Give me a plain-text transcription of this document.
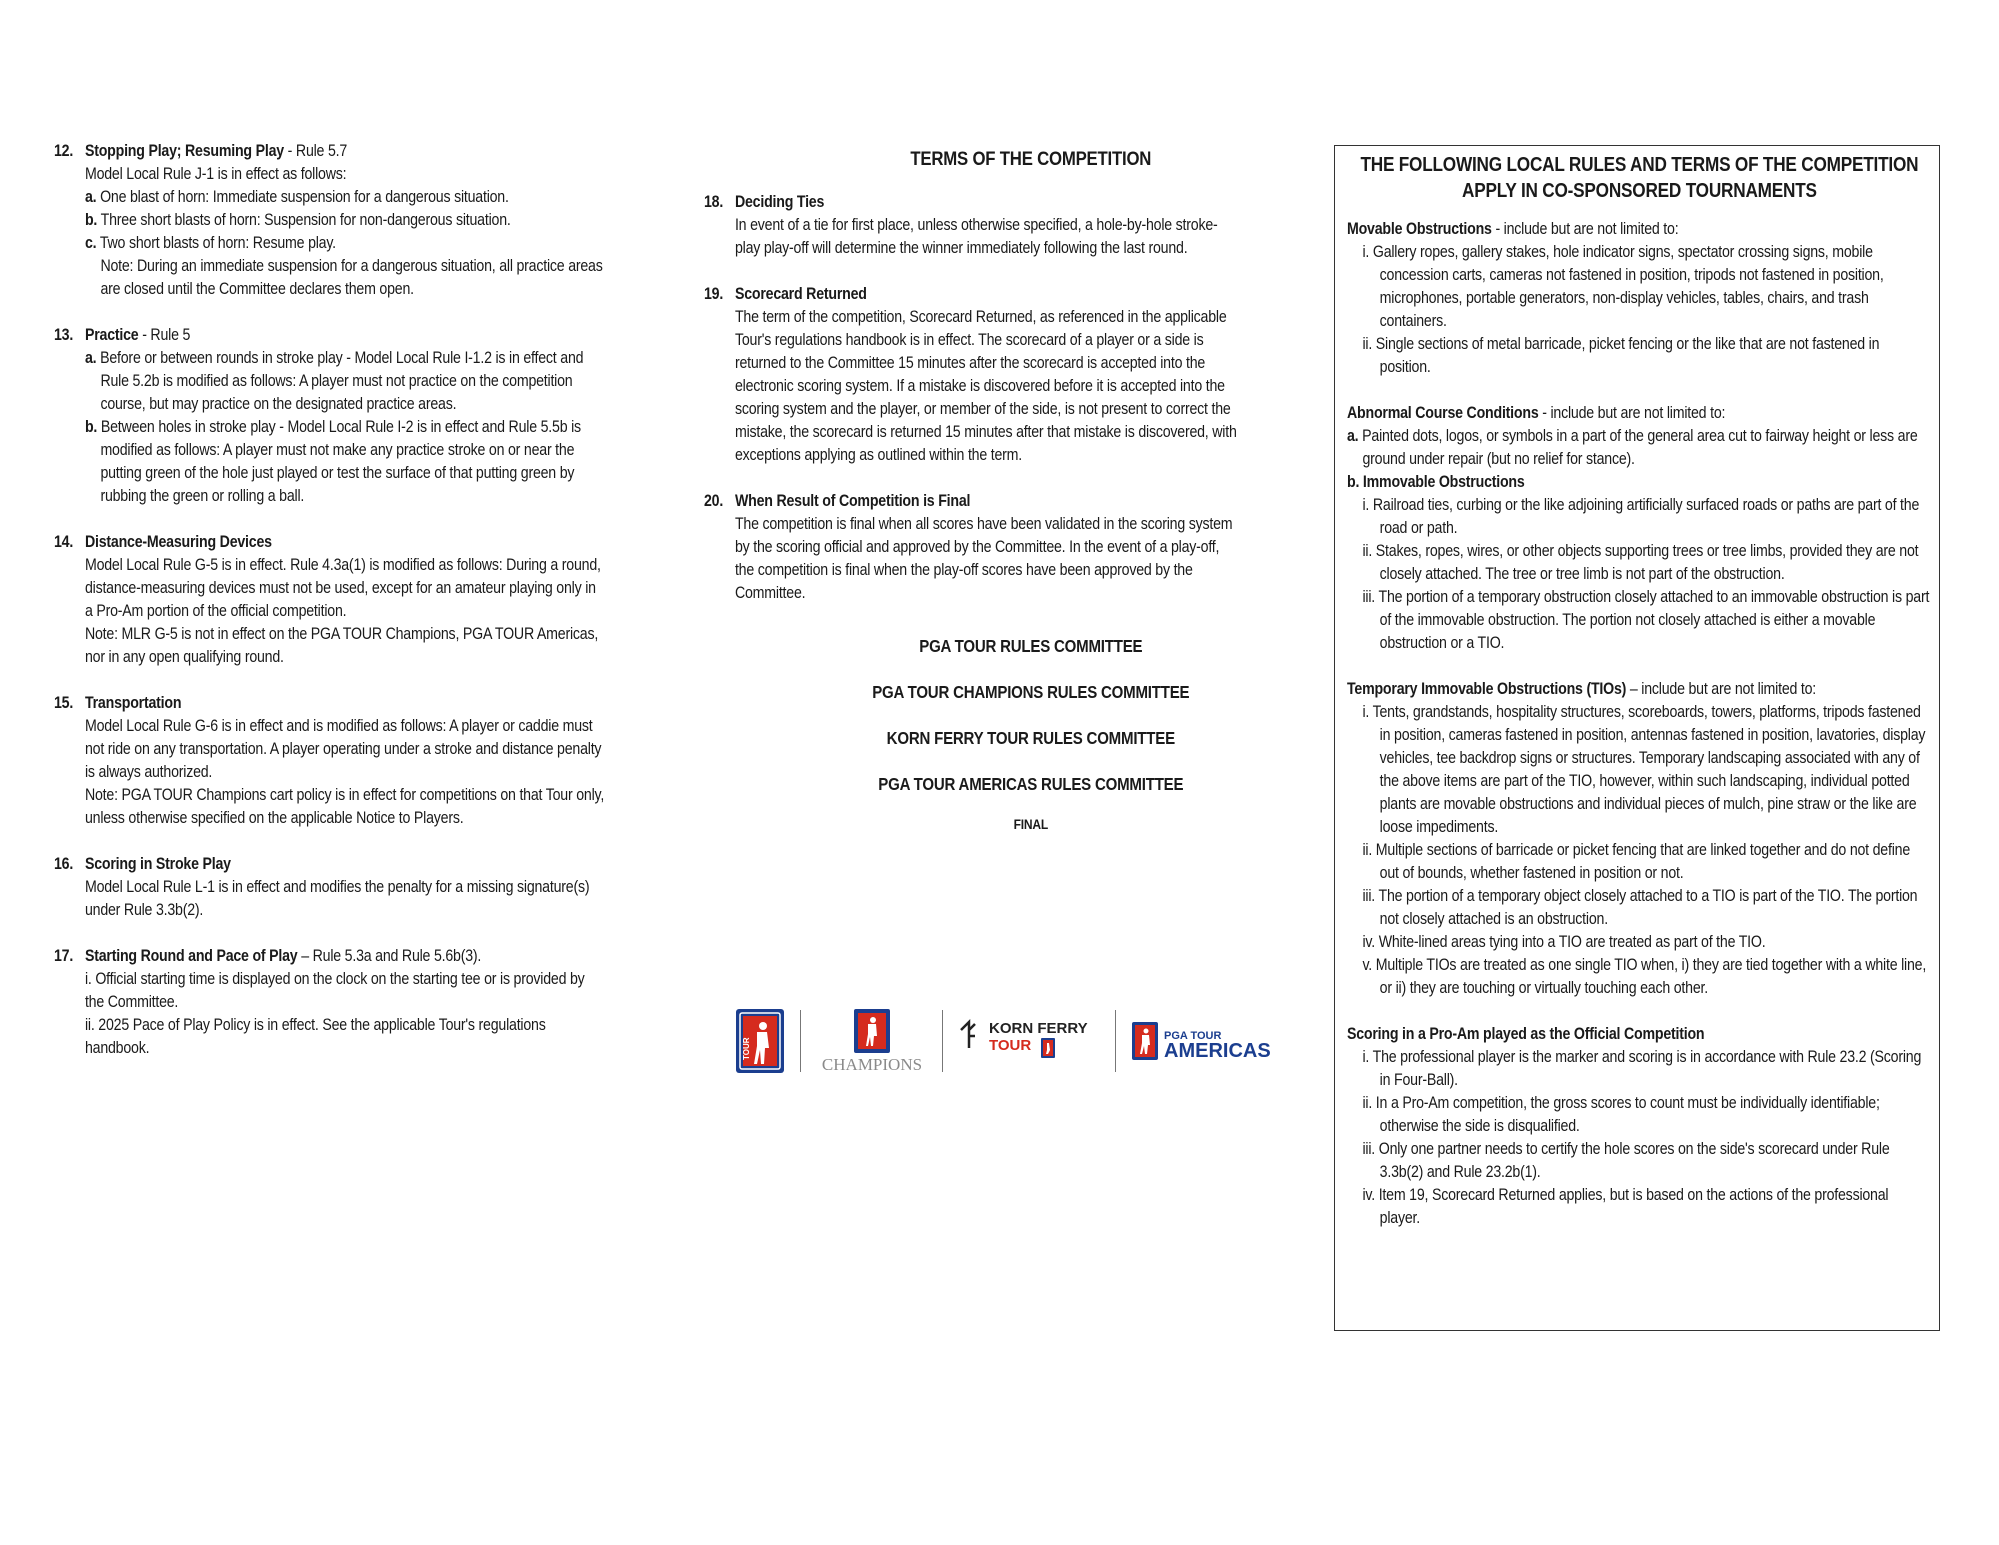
12. Stopping Play; Resuming Play - Rule 5.7
Model Local Rule J-1 is in effect as follows:
a. One blast of horn: Immediate suspension for a dangerous situation.
b. Three short blasts of horn: Suspension for non-dangerous situation.
c. Two short blasts of horn: Resume play.
Note: During an immediate suspension for a dangerous situation, all practice areas are closed until the Committee declares them open.
13. Practice - Rule 5
a. Before or between rounds in stroke play - Model Local Rule I-1.2 is in effect and Rule 5.2b is modified as follows: A player must not practice on the competition course, but may practice on the designated practice areas.
b. Between holes in stroke play - Model Local Rule I-2 is in effect and Rule 5.5b is modified as follows: A player must not make any practice stroke on or near the putting green of the hole just played or test the surface of that putting green by rubbing the green or rolling a ball.
14. Distance-Measuring Devices
Model Local Rule G-5 is in effect. Rule 4.3a(1) is modified as follows: During a round, distance-measuring devices must not be used, except for an amateur playing only in a Pro-Am portion of the official competition.
Note: MLR G-5 is not in effect on the PGA TOUR Champions, PGA TOUR Americas, nor in any open qualifying round.
15. Transportation
Model Local Rule G-6 is in effect and is modified as follows: A player or caddie must not ride on any transportation. A player operating under a stroke and distance penalty is always authorized.
Note: PGA TOUR Champions cart policy is in effect for competitions on that Tour only, unless otherwise specified on the applicable Notice to Players.
16. Scoring in Stroke Play
Model Local Rule L-1 is in effect and modifies the penalty for a missing signature(s) under Rule 3.3b(2).
17. Starting Round and Pace of Play – Rule 5.3a and Rule 5.6b(3).
i. Official starting time is displayed on the clock on the starting tee or is provided by the Committee.
ii. 2025 Pace of Play Policy is in effect. See the applicable Tour's regulations handbook.
TERMS OF THE COMPETITION
18. Deciding Ties
In event of a tie for first place, unless otherwise specified, a hole-by-hole stroke-play play-off will determine the winner immediately following the last round.
19. Scorecard Returned
The term of the competition, Scorecard Returned, as referenced in the applicable Tour's regulations handbook is in effect. The scorecard of a player or a side is returned to the Committee 15 minutes after the scorecard is accepted into the electronic scoring system. If a mistake is discovered before it is accepted into the scoring system and the player, or member of the side, is not present to correct the mistake, the scorecard is returned 15 minutes after that mistake is discovered, with exceptions applying as outlined within the term.
20. When Result of Competition is Final
The competition is final when all scores have been validated in the scoring system by the scoring official and approved by the Committee. In the event of a play-off, the competition is final when the play-off scores have been approved by the Committee.
PGA TOUR RULES COMMITTEE
PGA TOUR CHAMPIONS RULES COMMITTEE
KORN FERRY TOUR RULES COMMITTEE
PGA TOUR AMERICAS RULES COMMITTEE
FINAL
TOUR
CHAMPIONS
KORN FERRY
TOUR
PGA TOUR
AMERICAS
THE FOLLOWING LOCAL RULES AND TERMS OF THE COMPETITION APPLY IN CO-SPONSORED TOURNAMENTS
Movable Obstructions - include but are not limited to:
i. Gallery ropes, gallery stakes, hole indicator signs, spectator crossing signs, mobile concession carts, cameras not fastened in position, tripods not fastened in position, microphones, portable generators, non-display vehicles, tables, chairs, and trash containers.
ii. Single sections of metal barricade, picket fencing or the like that are not fastened in position.
Abnormal Course Conditions - include but are not limited to:
a. Painted dots, logos, or symbols in a part of the general area cut to fairway height or less are ground under repair (but no relief for stance).
b. Immovable Obstructions
i. Railroad ties, curbing or the like adjoining artificially surfaced roads or paths are part of the road or path.
ii. Stakes, ropes, wires, or other objects supporting trees or tree limbs, provided they are not closely attached. The tree or tree limb is not part of the obstruction.
iii. The portion of a temporary obstruction closely attached to an immovable obstruction is part of the immovable obstruction. The portion not closely attached is either a movable obstruction or a TIO.
Temporary Immovable Obstructions (TIOs) – include but are not limited to:
i. Tents, grandstands, hospitality structures, scoreboards, towers, platforms, tripods fastened in position, cameras fastened in position, antennas fastened in position, lavatories, display vehicles, tee backdrop signs or structures. Temporary landscaping associated with any of the above items are part of the TIO, however, within such landscaping, individual potted plants are movable obstructions and individual pieces of mulch, pine straw or the like are loose impediments.
ii. Multiple sections of barricade or picket fencing that are linked together and do not define out of bounds, whether fastened in position or not.
iii. The portion of a temporary object closely attached to a TIO is part of the TIO. The portion not closely attached is an obstruction.
iv. White-lined areas tying into a TIO are treated as part of the TIO.
v. Multiple TIOs are treated as one single TIO when, i) they are tied together with a white line, or ii) they are touching or virtually touching each other.
Scoring in a Pro-Am played as the Official Competition
i. The professional player is the marker and scoring is in accordance with Rule 23.2 (Scoring in Four-Ball).
ii. In a Pro-Am competition, the gross scores to count must be individually identifiable; otherwise the side is disqualified.
iii. Only one partner needs to certify the hole scores on the side's scorecard under Rule 3.3b(2) and Rule 23.2b(1).
iv. Item 19, Scorecard Returned applies, but is based on the actions of the professional player.
